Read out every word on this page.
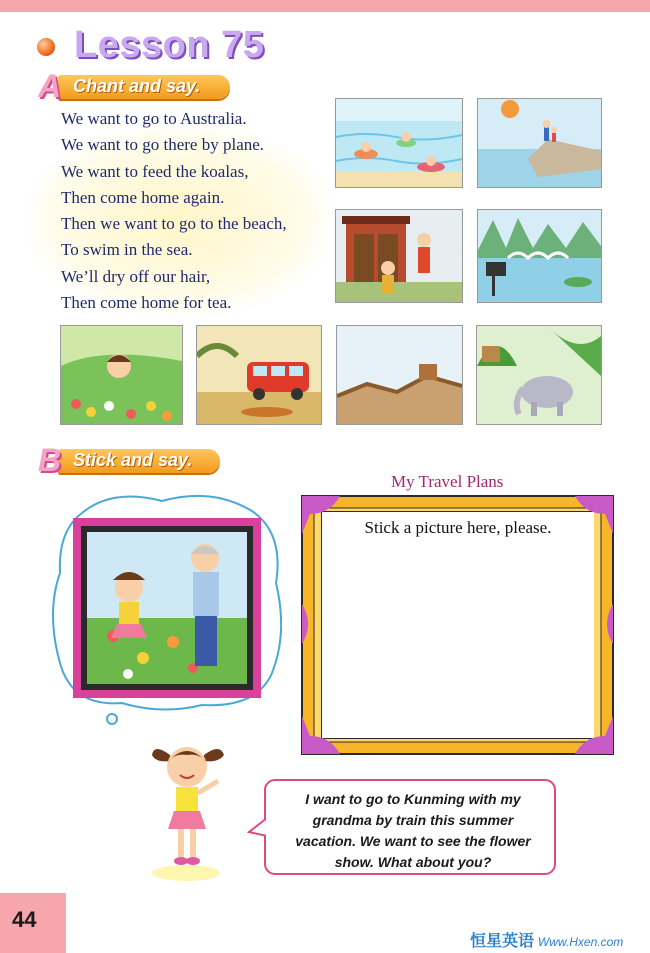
Lesson 75
A Chant and say.
We want to go to Australia.
We want to go there by plane.
We want to feed the koalas,
Then come home again.
Then we want to go to the beach,
To swim in the sea.
We’ll dry off our hair,
Then come home for tea.
B Stick and say.
My Travel Plans
Stick a picture here, please.
I want to go to Kunming with my grandma by train this summer vacation. We want to see the flower show. What about you?
44
恒星英语 Www.Hxen.com
